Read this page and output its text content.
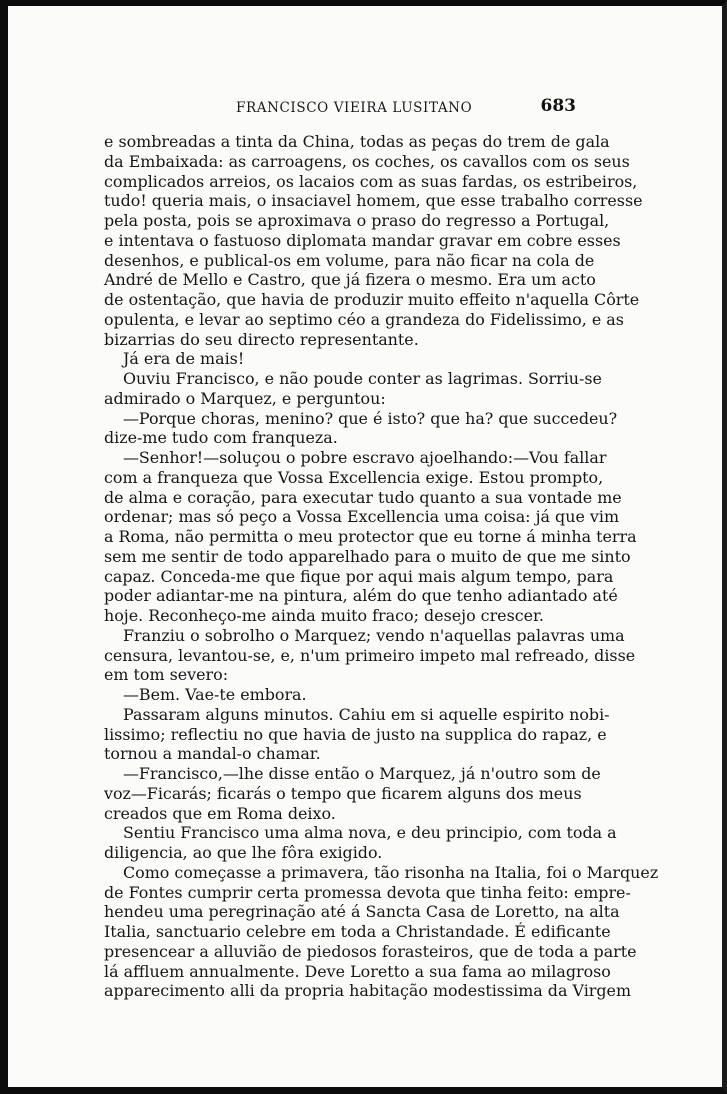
FRANCISCO VIEIRA LUSITANO	683
e sombreadas a tinta da China, todas as peças do trem de gala
da Embaixada: as carroagens, os coches, os cavallos com os seus
complicados arreios, os lacaios com as suas fardas, os estribeiros,
tudo! queria mais, o insaciavel homem, que esse trabalho corresse
pela posta, pois se aproximava o praso do regresso a Portugal,
e intentava o fastuoso diplomata mandar gravar em cobre esses
desenhos, e publical-os em volume, para não ficar na cola de
André de Mello e Castro, que já fizera o mesmo. Era um acto
de ostentação, que havia de produzir muito effeito n'aquella Côrte
opulenta, e levar ao septimo céo a grandeza do Fidelissimo, e as
bizarrias do seu directo representante.
Já era de mais!
Ouviu Francisco, e não poude conter as lagrimas. Sorriu-se
admirado o Marquez, e perguntou:
—Porque choras, menino? que é isto? que ha? que succedeu?
dize-me tudo com franqueza.
—Senhor!—soluçou o pobre escravo ajoelhando:—Vou fallar
com a franqueza que Vossa Excellencia exige. Estou prompto,
de alma e coração, para executar tudo quanto a sua vontade me
ordenar; mas só peço a Vossa Excellencia uma coisa: já que vim
a Roma, não permitta o meu protector que eu torne á minha terra
sem me sentir de todo apparelhado para o muito de que me sinto
capaz. Conceda-me que fique por aqui mais algum tempo, para
poder adiantar-me na pintura, além do que tenho adiantado até
hoje. Reconheço-me ainda muito fraco; desejo crescer.
Franziu o sobrolho o Marquez; vendo n'aquellas palavras uma
censura, levantou-se, e, n'um primeiro impeto mal refreado, disse
em tom severo:
—Bem. Vae-te embora.
Passaram alguns minutos. Cahiu em si aquelle espirito nobi-
lissimo; reflectiu no que havia de justo na supplica do rapaz, e
tornou a mandal-o chamar.
—Francisco,—lhe disse então o Marquez, já n'outro som de
voz—Ficarás; ficarás o tempo que ficarem alguns dos meus
creados que em Roma deixo.
Sentiu Francisco uma alma nova, e deu principio, com toda a
diligencia, ao que lhe fôra exigido.
Como começasse a primavera, tão risonha na Italia, foi o Marquez
de Fontes cumprir certa promessa devota que tinha feito: empre-
hendeu uma peregrinação até á Sancta Casa de Loretto, na alta
Italia, sanctuario celebre em toda a Christandade. É edificante
presencear a alluvião de piedosos forasteiros, que de toda a parte
lá affluem annualmente. Deve Loretto a sua fama ao milagroso
apparecimento alli da propria habitação modestissima da Virgem
